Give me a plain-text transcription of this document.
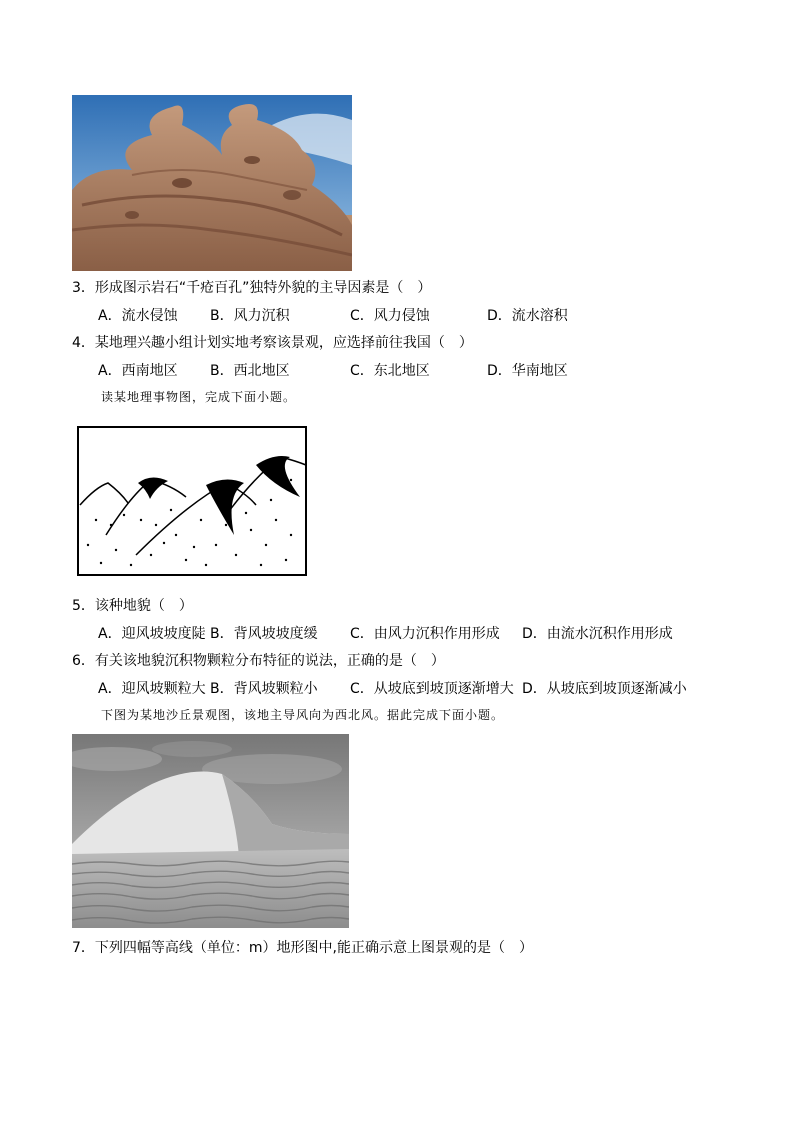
3．形成图示岩石“千疮百孔”独特外貌的主导因素是（　）
A．流水侵蚀 B．风力沉积	C．风力侵蚀	D．流水溶积
4．某地理兴趣小组计划实地考察该景观，应选择前往我国（　）
A．西南地区 B．西北地区	C．东北地区	D．华南地区
读某地理事物图，完成下面小题。
5．该种地貌（　）
A．迎风坡坡度陡 B．背风坡坡度缓 C．由风力沉积作用形成 D．由流水沉积作用形成
6．有关该地貌沉积物颗粒分布特征的说法，正确的是（　）
A．迎风坡颗粒大 B．背风坡颗粒小 C．从坡底到坡顶逐渐增大 D．从坡底到坡顶逐渐减小
下图为某地沙丘景观图，该地主导风向为西北风。据此完成下面小题。
7．下列四幅等高线（单位：m）地形图中,能正确示意上图景观的是（　）
